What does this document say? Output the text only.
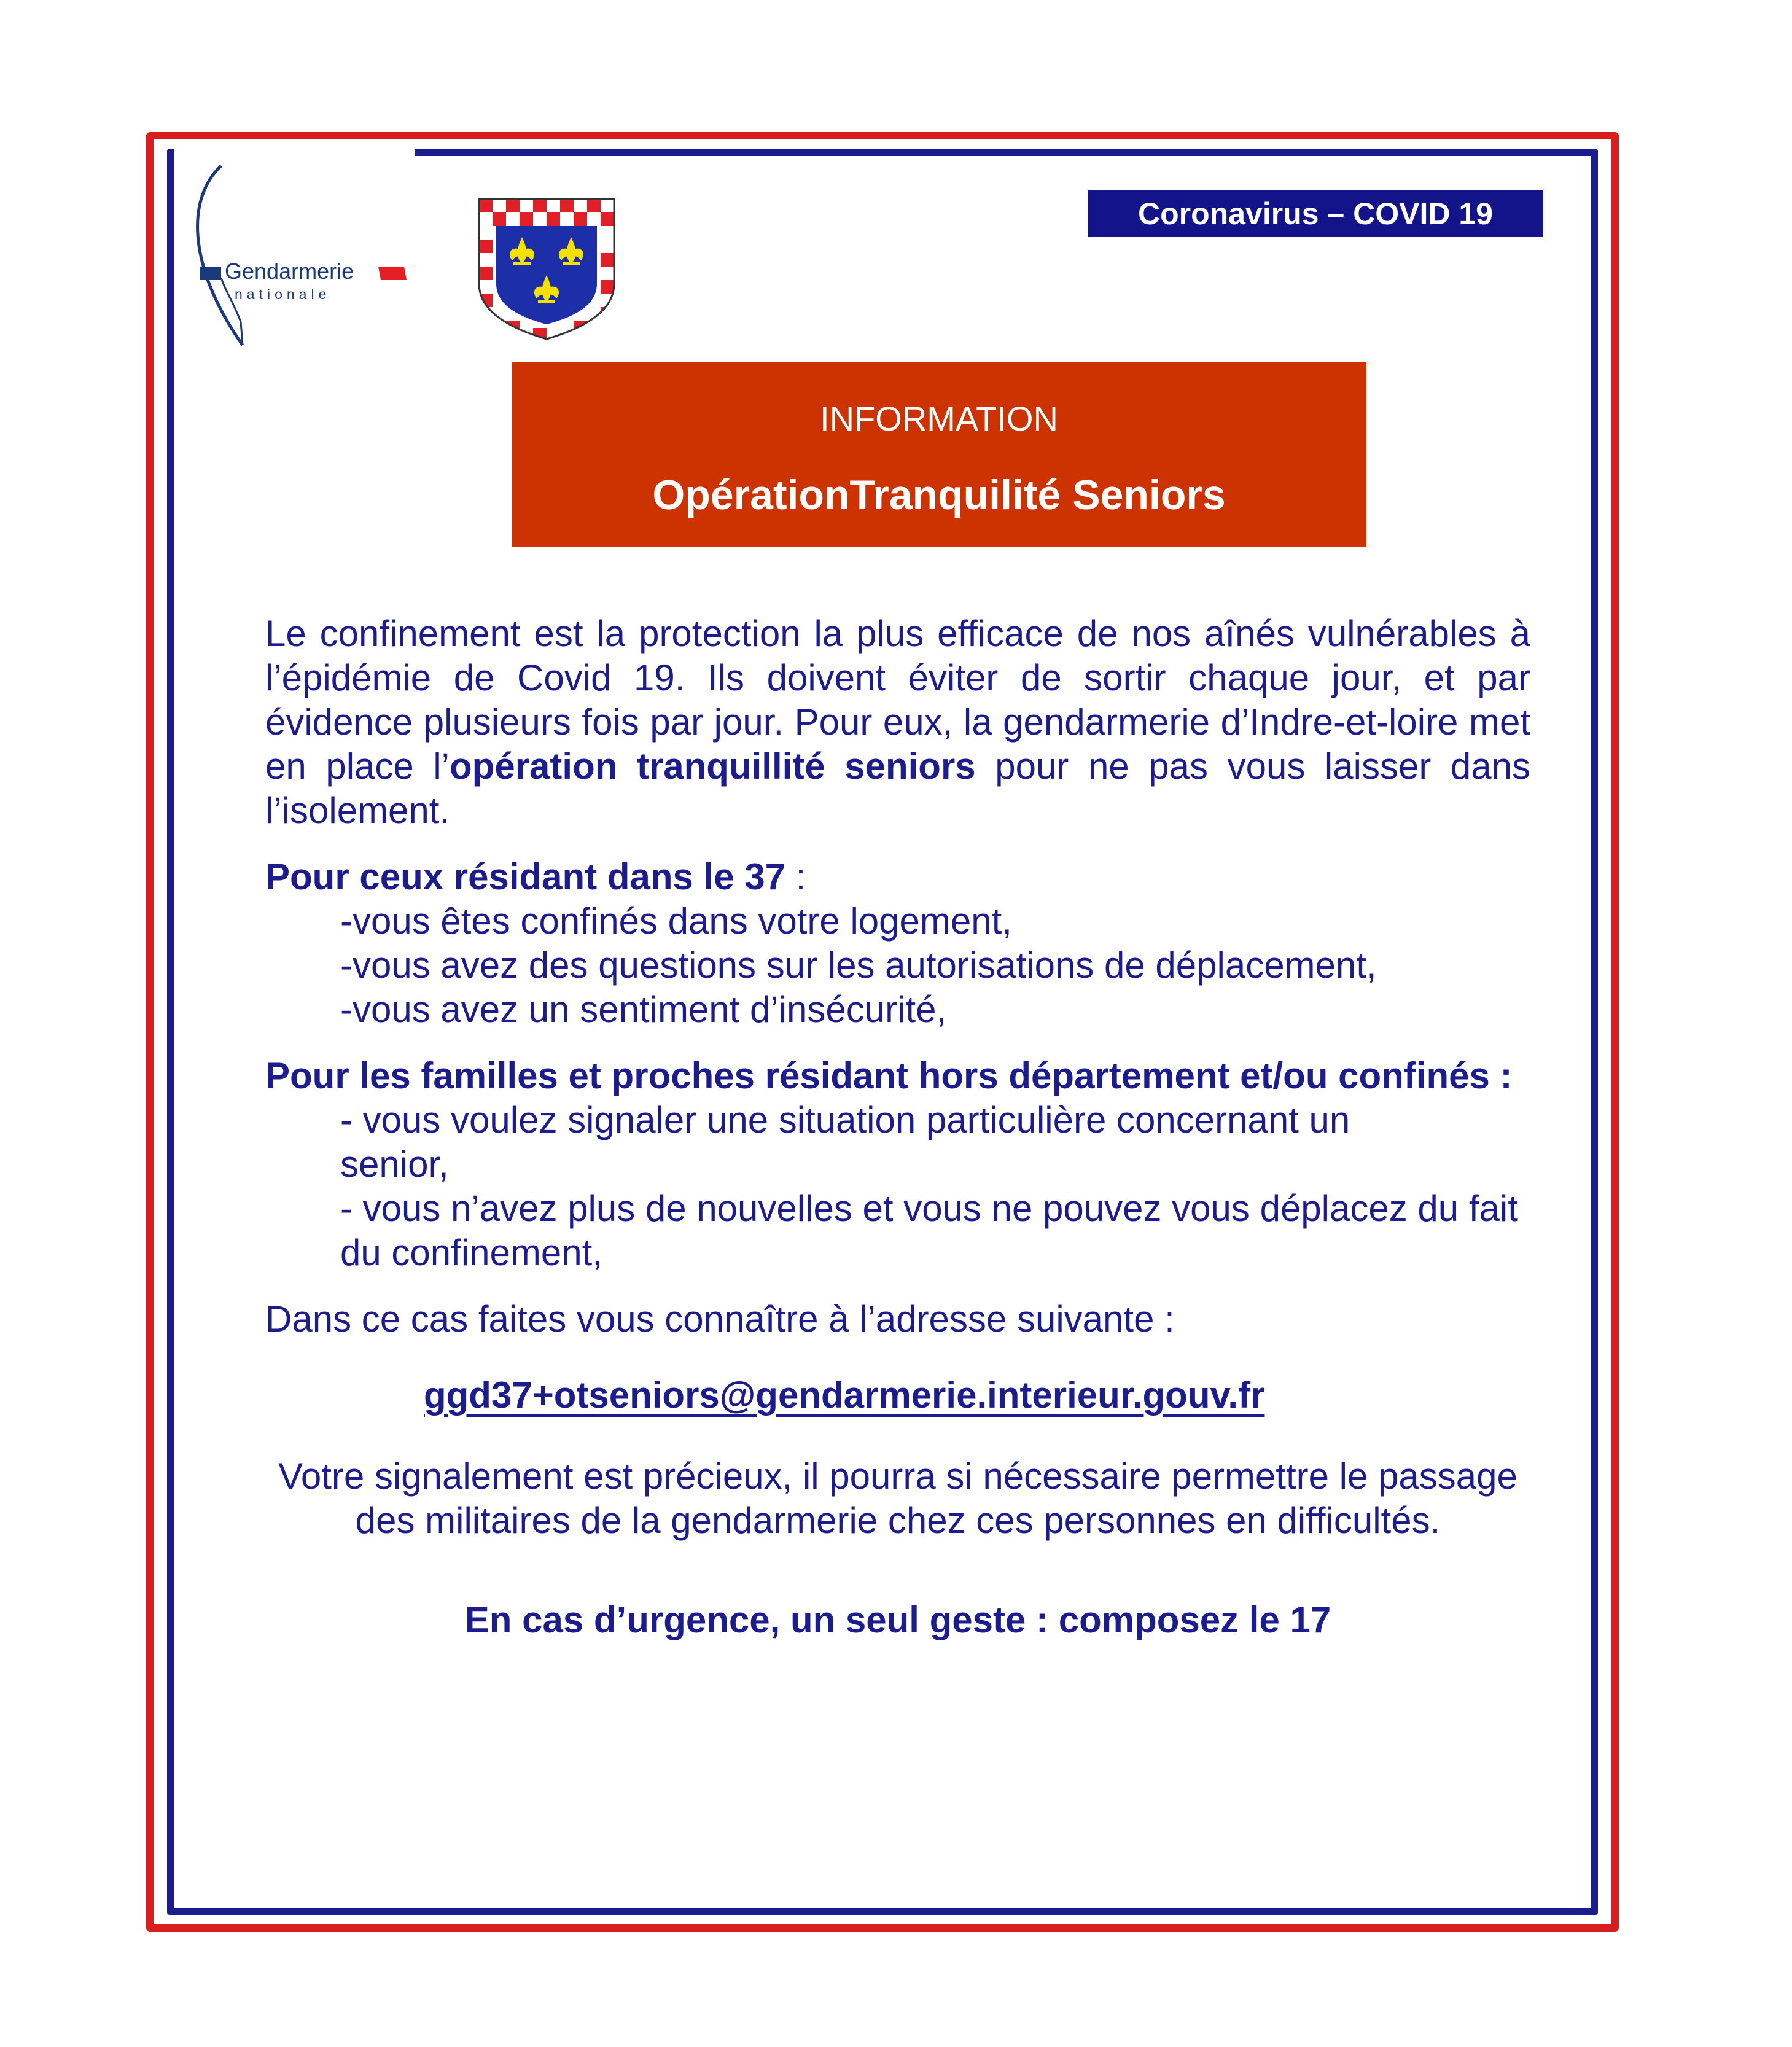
Gendarmerie
nationale
Coronavirus – COVID 19
INFORMATION
OpérationTranquilité Seniors

Le confinement est la protection la plus efficace de nos aînés vulnérables à l’épidémie de Covid 19. Ils doivent éviter de sortir chaque jour, et par évidence plusieurs fois par jour. Pour eux, la gendarmerie d’Indre-et-loire met en place l’opération tranquillité seniors pour ne pas vous laisser dans l’isolement.

Pour ceux résidant dans le 37 :

-vous êtes confinés dans votre logement,

-vous avez des questions sur les autorisations de déplacement,

-vous avez un sentiment d’insécurité,

Pour les familles et proches résidant hors département et/ou confinés :

- vous voulez signaler une situation particulière concernant un senior,

- vous n’avez plus de nouvelles et vous ne pouvez vous déplacez du fait du confinement,

Dans ce cas faites vous connaître à l’adresse suivante :

ggd37+otseniors@gendarmerie.interieur.gouv.fr

Votre signalement est précieux, il pourra si nécessaire permettre le passage des militaires de la gendarmerie chez ces personnes en difficultés.

En cas d’urgence, un seul geste : composez le 17
